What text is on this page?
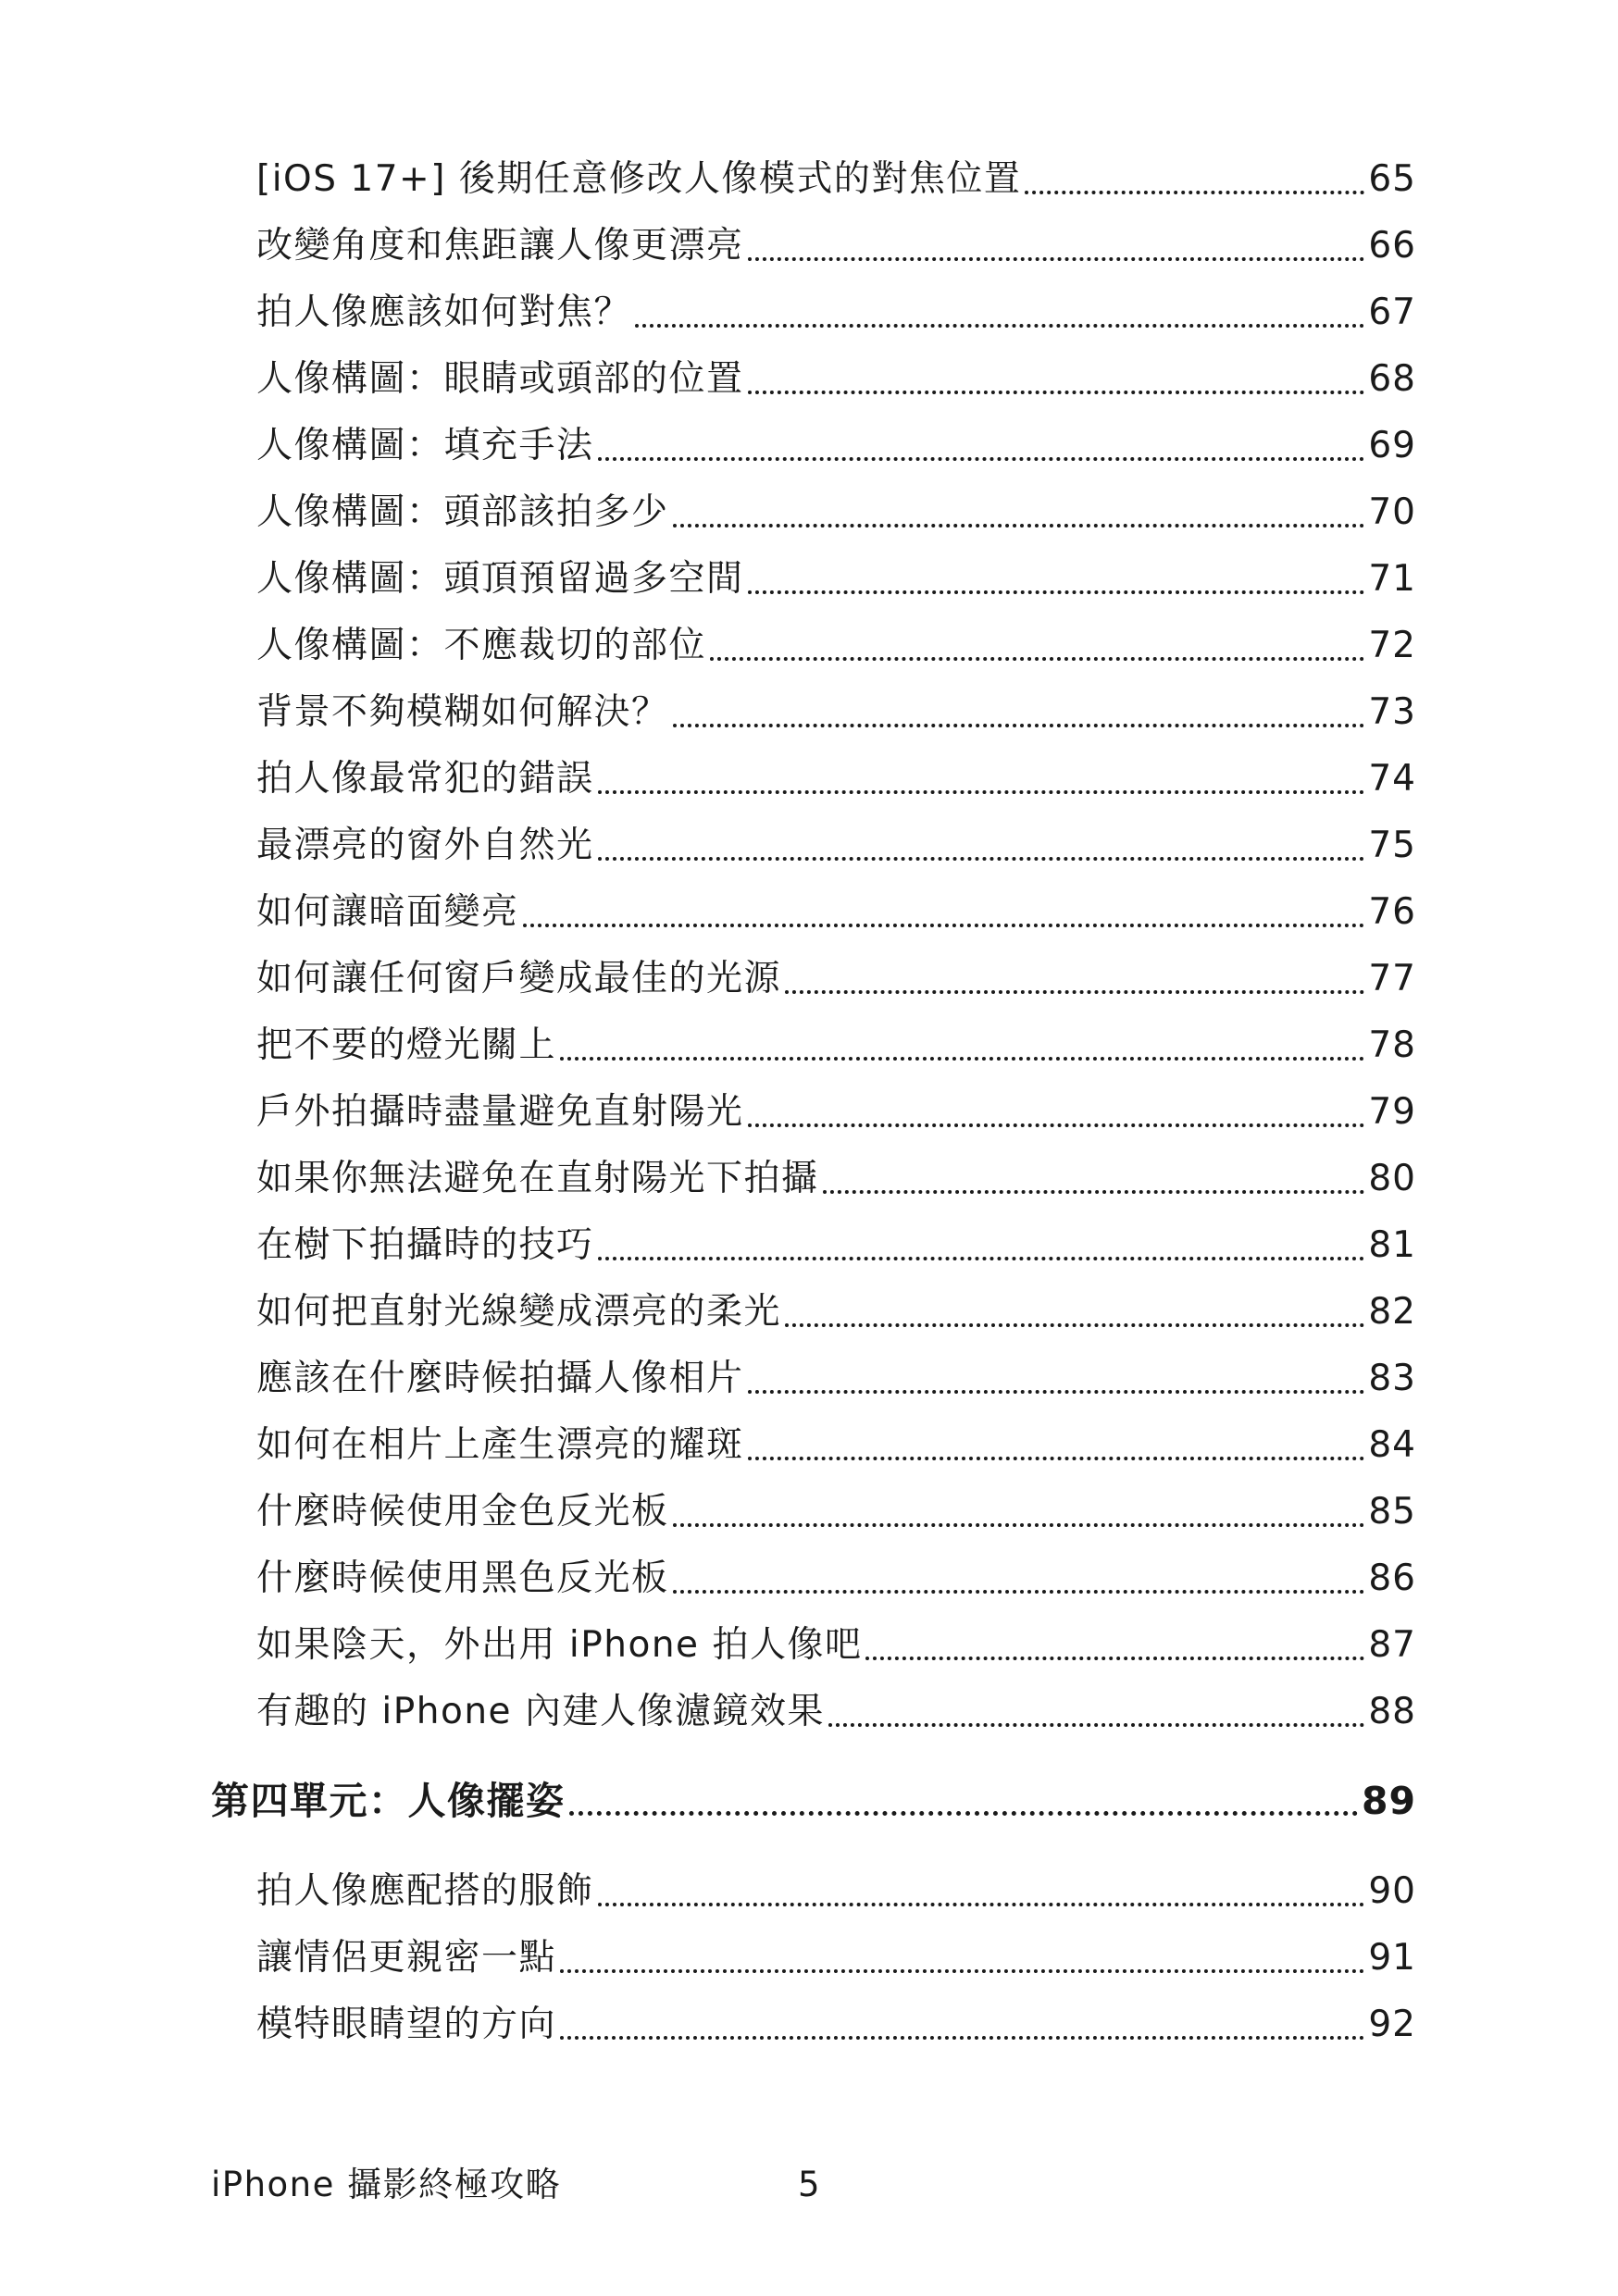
[iOS 17+] 後期任意修改人像模式的對焦位置	65
改變角度和焦距讓人像更漂亮	66
拍人像應該如何對焦？	67
人像構圖：眼睛或頭部的位置	68
人像構圖：填充手法	69
人像構圖：頭部該拍多少	70
人像構圖：頭頂預留過多空間	71
人像構圖：不應裁切的部位	72
背景不夠模糊如何解決？	73
拍人像最常犯的錯誤	74
最漂亮的窗外自然光	75
如何讓暗面變亮	76
如何讓任何窗戶變成最佳的光源	77
把不要的燈光關上	78
戶外拍攝時盡量避免直射陽光	79
如果你無法避免在直射陽光下拍攝	80
在樹下拍攝時的技巧	81
如何把直射光線變成漂亮的柔光	82
應該在什麼時候拍攝人像相片	83
如何在相片上產生漂亮的耀斑	84
什麼時候使用金色反光板	85
什麼時候使用黑色反光板	86
如果陰天，外出用 iPhone 拍人像吧	87
有趣的 iPhone 內建人像濾鏡效果	88
第四單元：人像擺姿	89
拍人像應配搭的服飾	90
讓情侶更親密一點	91
模特眼睛望的方向	92
iPhone 攝影終極攻略	5
